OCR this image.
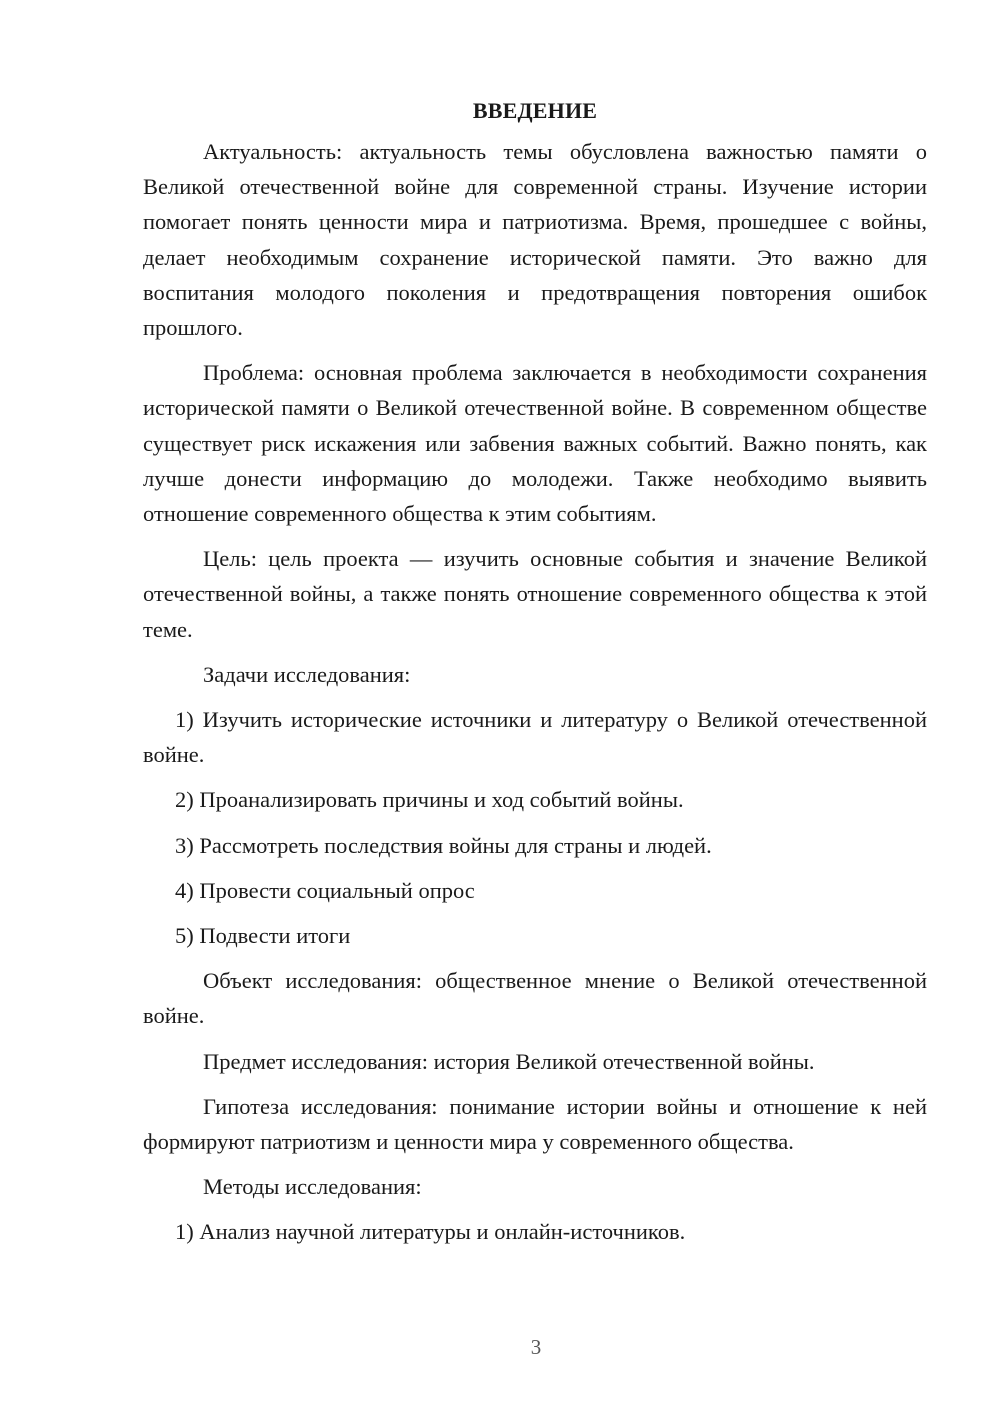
ВВЕДЕНИЕ

Актуальность: актуальность темы обусловлена важностью памяти о Великой отечественной войне для современной страны. Изучение истории помогает понять ценности мира и патриотизма. Время, прошедшее с войны, делает необходимым сохранение исторической памяти. Это важно для воспитания молодого поколения и предотвращения повторения ошибок прошлого.

Проблема: основная проблема заключается в необходимости сохранения исторической памяти о Великой отечественной войне. В современном обществе существует риск искажения или забвения важных событий. Важно понять, как лучше донести информацию до молодежи. Также необходимо выявить отношение современного общества к этим событиям.

Цель: цель проекта — изучить основные события и значение Великой отечественной войны, а также понять отношение современного общества к этой теме.

Задачи исследования:

1) Изучить исторические источники и литературу о Великой отечественной войне.

2) Проанализировать причины и ход событий войны.

3) Рассмотреть последствия войны для страны и людей.

4) Провести социальный опрос

5) Подвести итоги

Объект исследования: общественное мнение о Великой отечественной войне.

Предмет исследования: история Великой отечественной войны.

Гипотеза исследования: понимание истории войны и отношение к ней формируют патриотизм и ценности мира у современного общества.

Методы исследования:

1) Анализ научной литературы и онлайн-источников.

3
